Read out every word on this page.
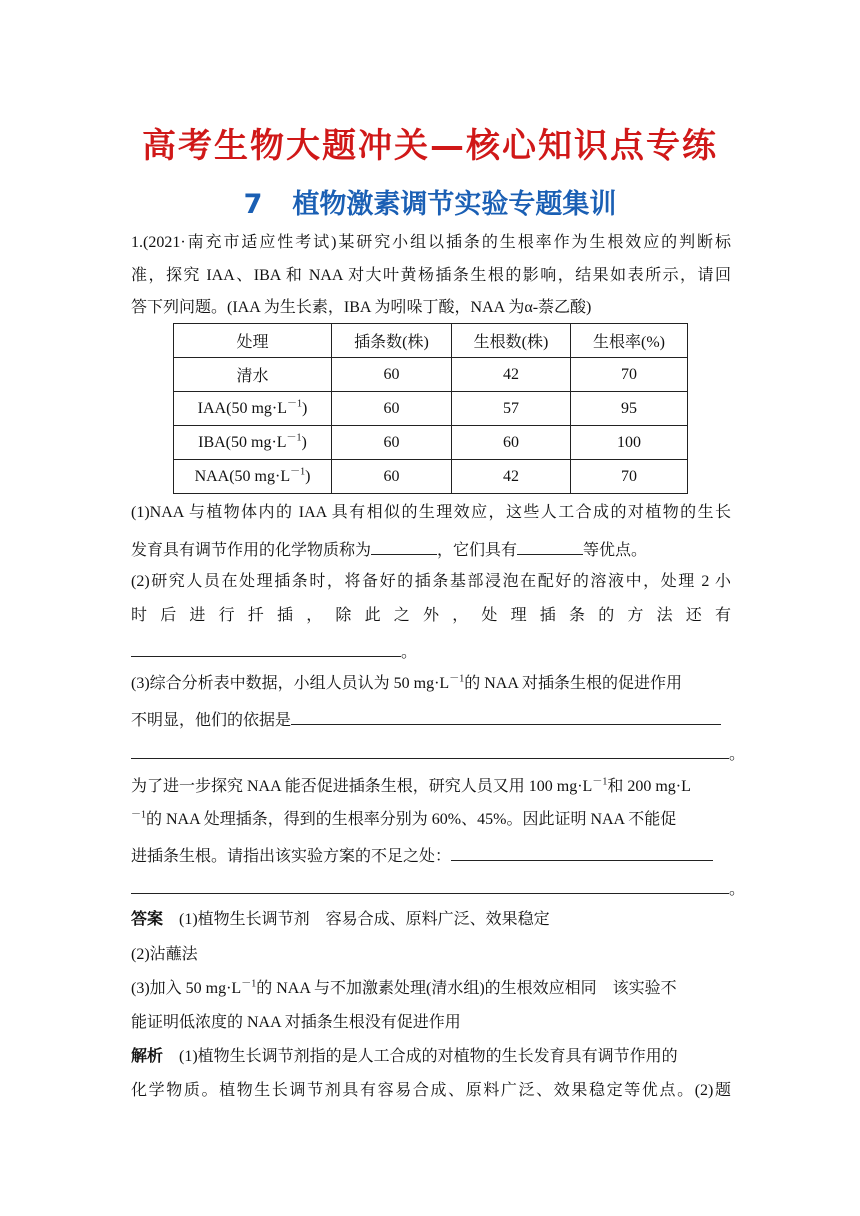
高考生物大题冲关—核心知识点专练
7 植物激素调节实验专题集训
1.(2021·南充市适应性考试)某研究小组以插条的生根率作为生根效应的判断标
准，探究 IAA、IBA 和 NAA 对大叶黄杨插条生根的影响，结果如表所示，请回
答下列问题。(IAA 为生长素，IBA 为吲哚丁酸，NAA 为α-萘乙酸)
处理	插条数(株)	生根数(株)	生根率(%)
清水	60	42	70
IAA(50 $mg\cdot L^{-1}$)	60	57	95
IBA(50 $mg\cdot L^{-1}$)	60	60	100
NAA(50 $mg\cdot L^{-1}$)	60	42	70
(1)NAA 与植物体内的 IAA 具有相似的生理效应，这些人工合成的对植物的生长
发育具有调节作用的化学物质称为	，它们具有	等优点。
(2)研究人员在处理插条时，将备好的插条基部浸泡在配好的溶液中，处理 2 小
时 后 进 行 扦 插 ， 除 此 之 外 ， 处 理 插 条 的 方 法 还 有
。
(3)综合分析表中数据，小组人员认为 50 $mg\cdot L^{-1}$的 NAA 对插条生根的促进作用
不明显，他们的依据是
。
为了进一步探究 NAA 能否促进插条生根，研究人员又用 100 $mg\cdot L^{-1}$和 200 mg·L
$^{-1}$的 NAA 处理插条，得到的生根率分别为 60%、45%。因此证明 NAA 不能促
进插条生根。请指出该实验方案的不足之处：
。
答案 (1)植物生长调节剂　容易合成、原料广泛、效果稳定
(2)沾蘸法
(3)加入 50 $mg\cdot L^{-1}$的 NAA 与不加激素处理(清水组)的生根效应相同　该实验不
能证明低浓度的 NAA 对插条生根没有促进作用
解析　(1)植物生长调节剂指的是人工合成的对植物的生长发育具有调节作用的
化学物质。植物生长调节剂具有容易合成、原料广泛、效果稳定等优点。(2)题
